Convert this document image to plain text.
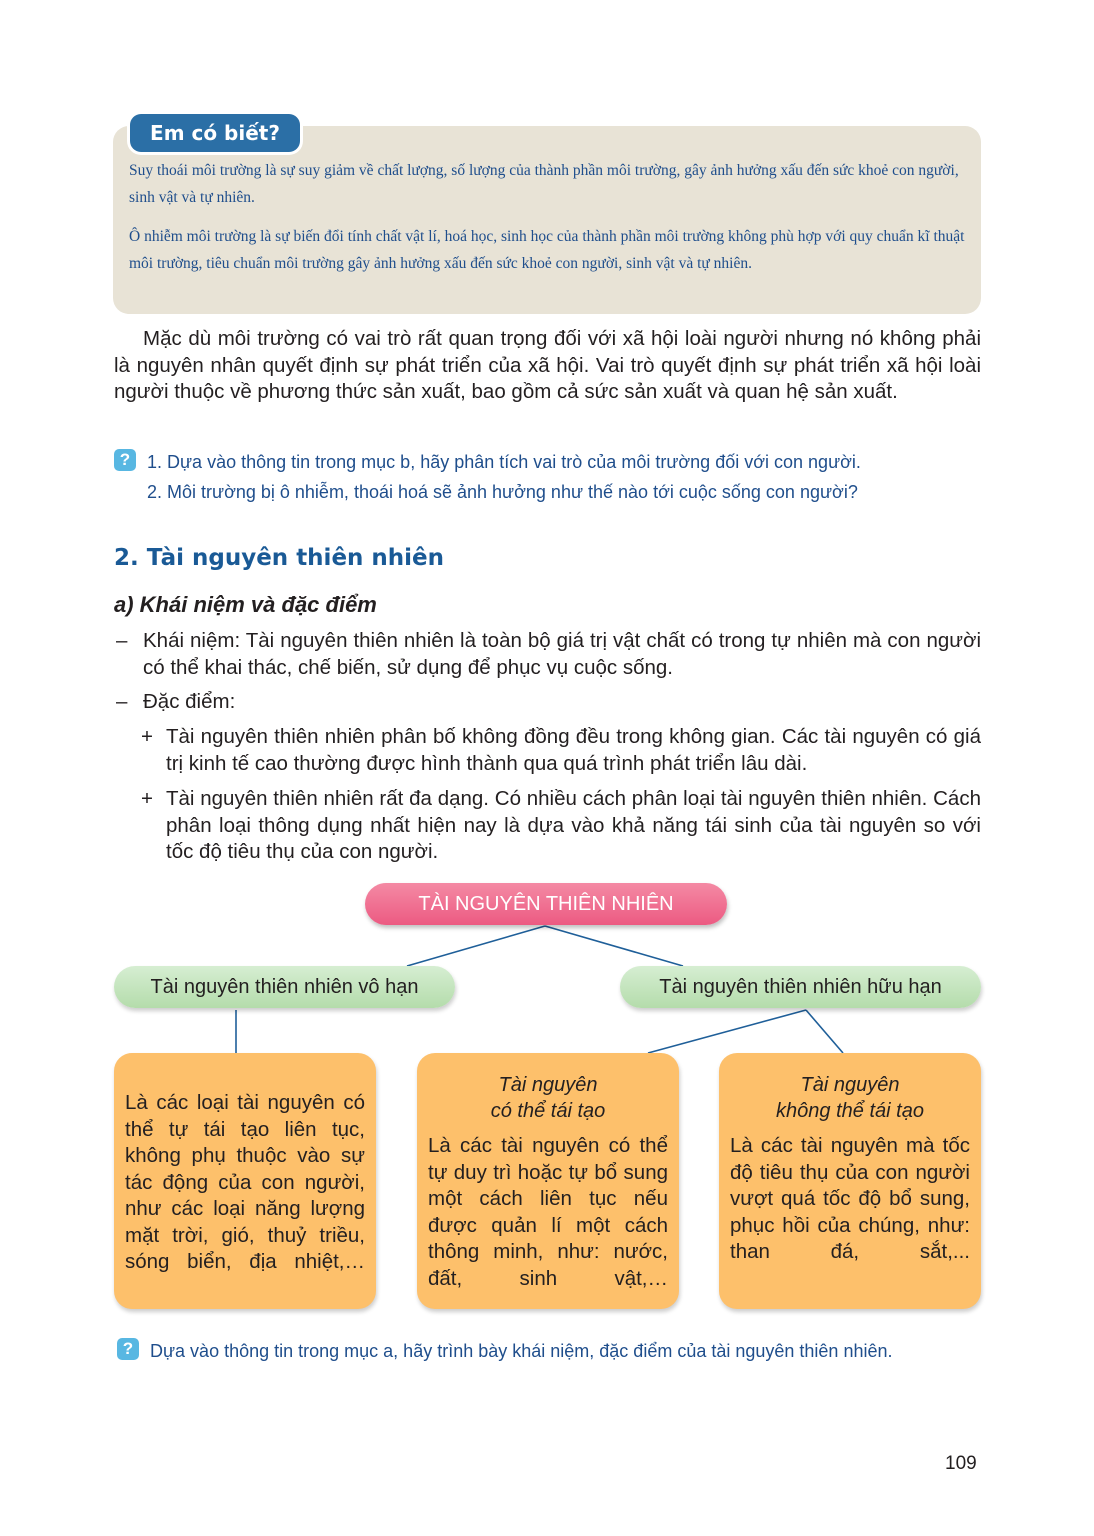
Em có biết?

Suy thoái môi trường là sự suy giảm về chất lượng, số lượng của thành phần môi trường, gây ảnh hưởng xấu đến sức khoẻ con người, sinh vật và tự nhiên.

Ô nhiễm môi trường là sự biến đổi tính chất vật lí, hoá học, sinh học của thành phần môi trường không phù hợp với quy chuẩn kĩ thuật môi trường, tiêu chuẩn môi trường gây ảnh hưởng xấu đến sức khoẻ con người, sinh vật và tự nhiên.

Mặc dù môi trường có vai trò rất quan trọng đối với xã hội loài người nhưng nó không phải là nguyên nhân quyết định sự phát triển của xã hội. Vai trò quyết định sự phát triển xã hội loài người thuộc về phương thức sản xuất, bao gồm cả sức sản xuất và quan hệ sản xuất.

? 1. Dựa vào thông tin trong mục b, hãy phân tích vai trò của môi trường đối với con người.

2. Môi trường bị ô nhiễm, thoái hoá sẽ ảnh hưởng như thế nào tới cuộc sống con người?

2. Tài nguyên thiên nhiên
a) Khái niệm và đặc điểm
– Khái niệm: Tài nguyên thiên nhiên là toàn bộ giá trị vật chất có trong tự nhiên mà con người có thể khai thác, chế biến, sử dụng để phục vụ cuộc sống.

– Đặc điểm:

+ Tài nguyên thiên nhiên phân bố không đồng đều trong không gian. Các tài nguyên có giá trị kinh tế cao thường được hình thành qua quá trình phát triển lâu dài.

+ Tài nguyên thiên nhiên rất đa dạng. Có nhiều cách phân loại tài nguyên thiên nhiên. Cách phân loại thông dụng nhất hiện nay là dựa vào khả năng tái sinh của tài nguyên so với tốc độ tiêu thụ của con người.

TÀI NGUYÊN THIÊN NHIÊN
Tài nguyên thiên nhiên vô hạn	Tài nguyên thiên nhiên hữu hạn
Là các loại tài nguyên có thể tự tái tạo liên tục, không phụ thuộc vào sự tác động của con người, như các loại năng lượng mặt trời, gió, thuỷ triều, sóng biển, địa nhiệt,…
Tài nguyên
có thể tái tạo
Là các tài nguyên có thể tự duy trì hoặc tự bổ sung một cách liên tục nếu được quản lí một cách thông minh, như: nước, đất, sinh vật,…
Tài nguyên
không thể tái tạo
Là các tài nguyên mà tốc độ tiêu thụ của con người vượt quá tốc độ bổ sung, phục hồi của chúng, như: than đá, sắt,...
? Dựa vào thông tin trong mục a, hãy trình bày khái niệm, đặc điểm của tài nguyên thiên nhiên.

109
